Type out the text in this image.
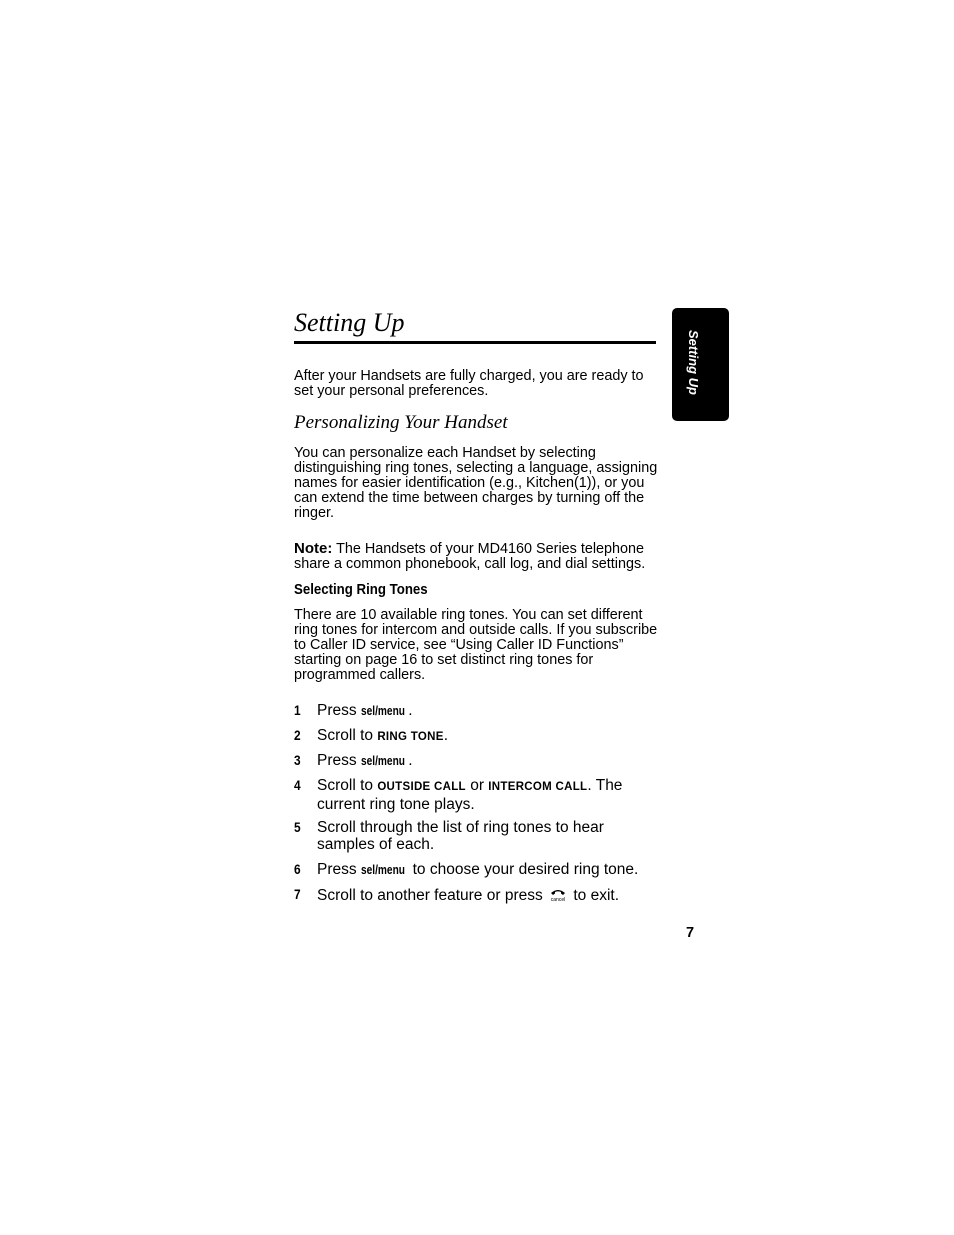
Setting Up

After your Handsets are fully charged, you are ready to set your personal preferences.

Personalizing Your Handset

You can personalize each Handset by selecting distinguishing ring tones, selecting a language, assigning names for easier identification (e.g., Kitchen(1)), or you can extend the time between charges by turning off the ringer.

Note: The Handsets of your MD4160 Series telephone share a common phonebook, call log, and dial settings.

Selecting Ring Tones

There are 10 available ring tones. You can set different ring tones for intercom and outside calls. If you subscribe to Caller ID service, see “Using Caller ID Functions” starting on page 16 to set distinct ring tones for programmed callers.

1 Press sel/menu .
2 Scroll to RING TONE.
3 Press sel/menu .
4 Scroll to OUTSIDE CALL or INTERCOM CALL. The current ring tone plays.
5 Scroll through the list of ring tones to hear samples of each.
6 Press sel/menu to choose your desired ring tone.
7 Scroll to another feature or press cancel to exit.
Setting Up
7
